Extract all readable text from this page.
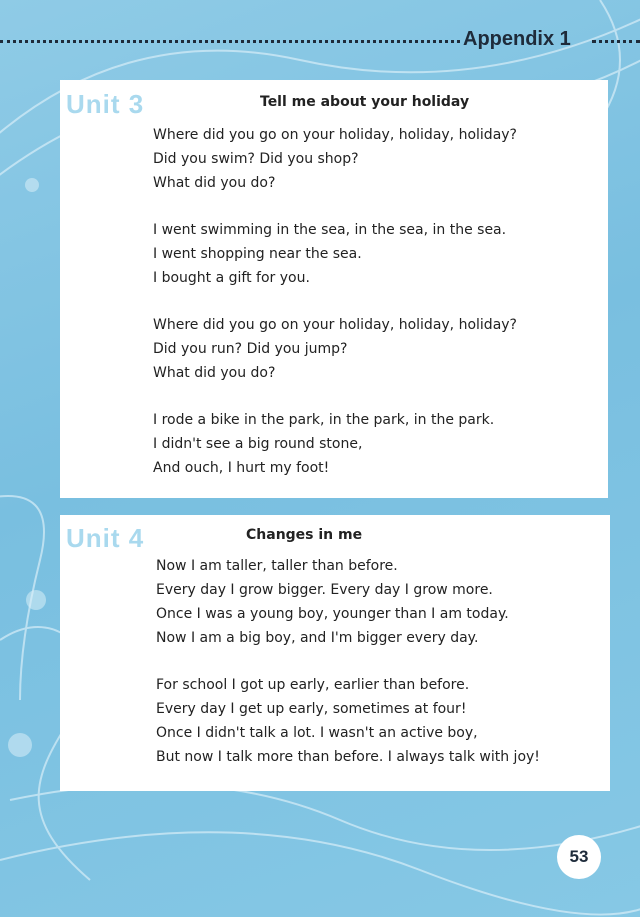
Appendix 1
Unit 3	Tell me about your holiday
Where did you go on your holiday, holiday, holiday?
Did you swim? Did you shop?
What did you do?
I went swimming in the sea, in the sea, in the sea.
I went shopping near the sea.
I bought a gift for you.
Where did you go on your holiday, holiday, holiday?
Did you run? Did you jump?
What did you do?
I rode a bike in the park, in the park, in the park.
I didn't see a big round stone,
And ouch, I hurt my foot!
Unit 4	Changes in me
Now I am taller, taller than before.
Every day I grow bigger. Every day I grow more.
Once I was a young boy, younger than I am today.
Now I am a big boy, and I'm bigger every day.
For school I got up early, earlier than before.
Every day I get up early, sometimes at four!
Once I didn't talk a lot. I wasn't an active boy,
But now I talk more than before. I always talk with joy!
53
